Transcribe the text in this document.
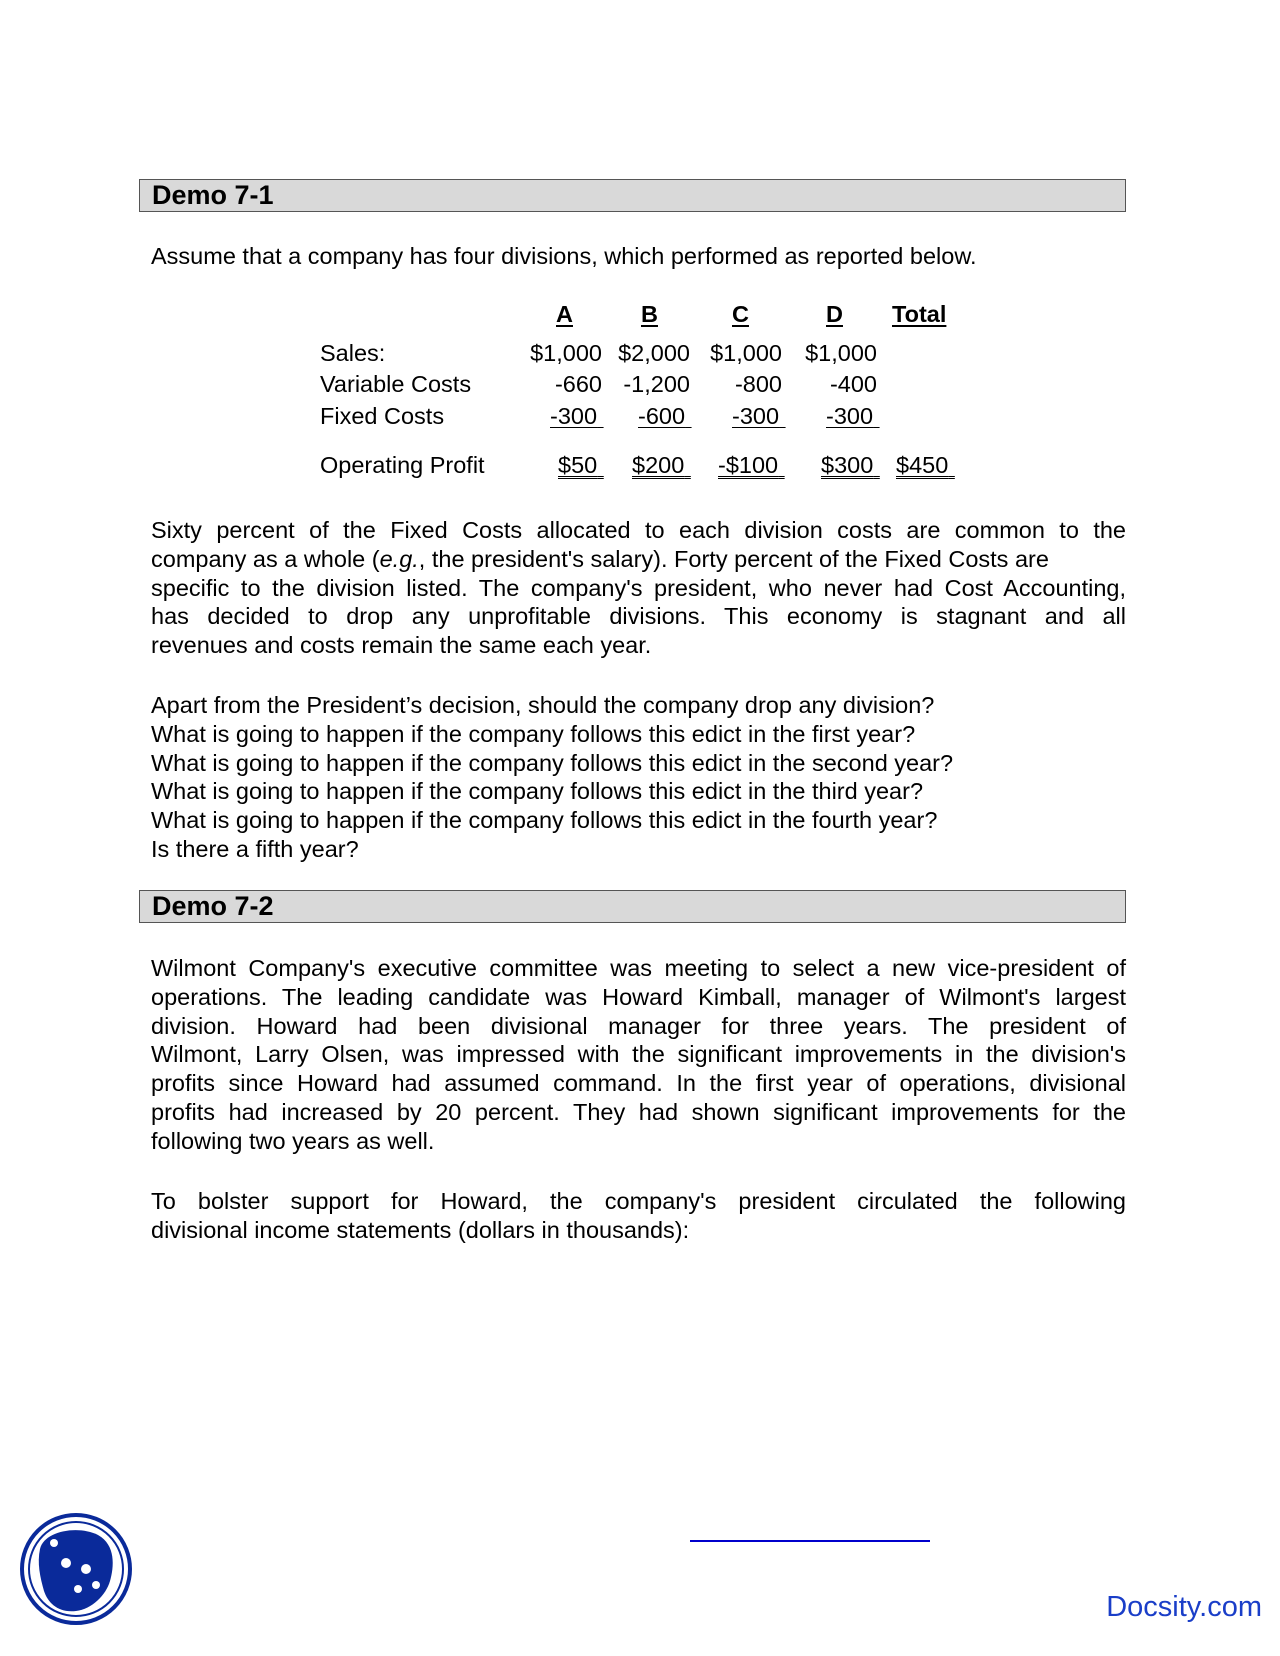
Demo 7-1

Assume that a company has four divisions, which performed as reported below.

A	B	C	D Total
Sales:	$1,000 $2,000 $1,000 $1,000
Variable Costs	-660 -1,200	-800	-400
Fixed Costs	-300 -600 -300 -300
Operating Profit	$50 $200 -$100 $300 $450
Sixty percent of the Fixed Costs allocated to each division costs are common to the
company as a whole (e.g., the president's salary). Forty percent of the Fixed Costs are
specific to the division listed. The company's president, who never had Cost Accounting,
has decided to drop any unprofitable divisions. This economy is stagnant and all
revenues and costs remain the same each year.
Apart from the President’s decision, should the company drop any division?
What is going to happen if the company follows this edict in the first year?
What is going to happen if the company follows this edict in the second year?
What is going to happen if the company follows this edict in the third year?
What is going to happen if the company follows this edict in the fourth year?
Is there a fifth year?
Demo 7-2
Wilmont Company's executive committee was meeting to select a new vice-president of
operations. The leading candidate was Howard Kimball, manager of Wilmont's largest
division. Howard had been divisional manager for three years. The president of
Wilmont, Larry Olsen, was impressed with the significant improvements in the division's
profits since Howard had assumed command. In the first year of operations, divisional
profits had increased by 20 percent. They had shown significant improvements for the
following two years as well.
To bolster support for Howard, the company's president circulated the following
divisional income statements (dollars in thousands):
Docsity.com
